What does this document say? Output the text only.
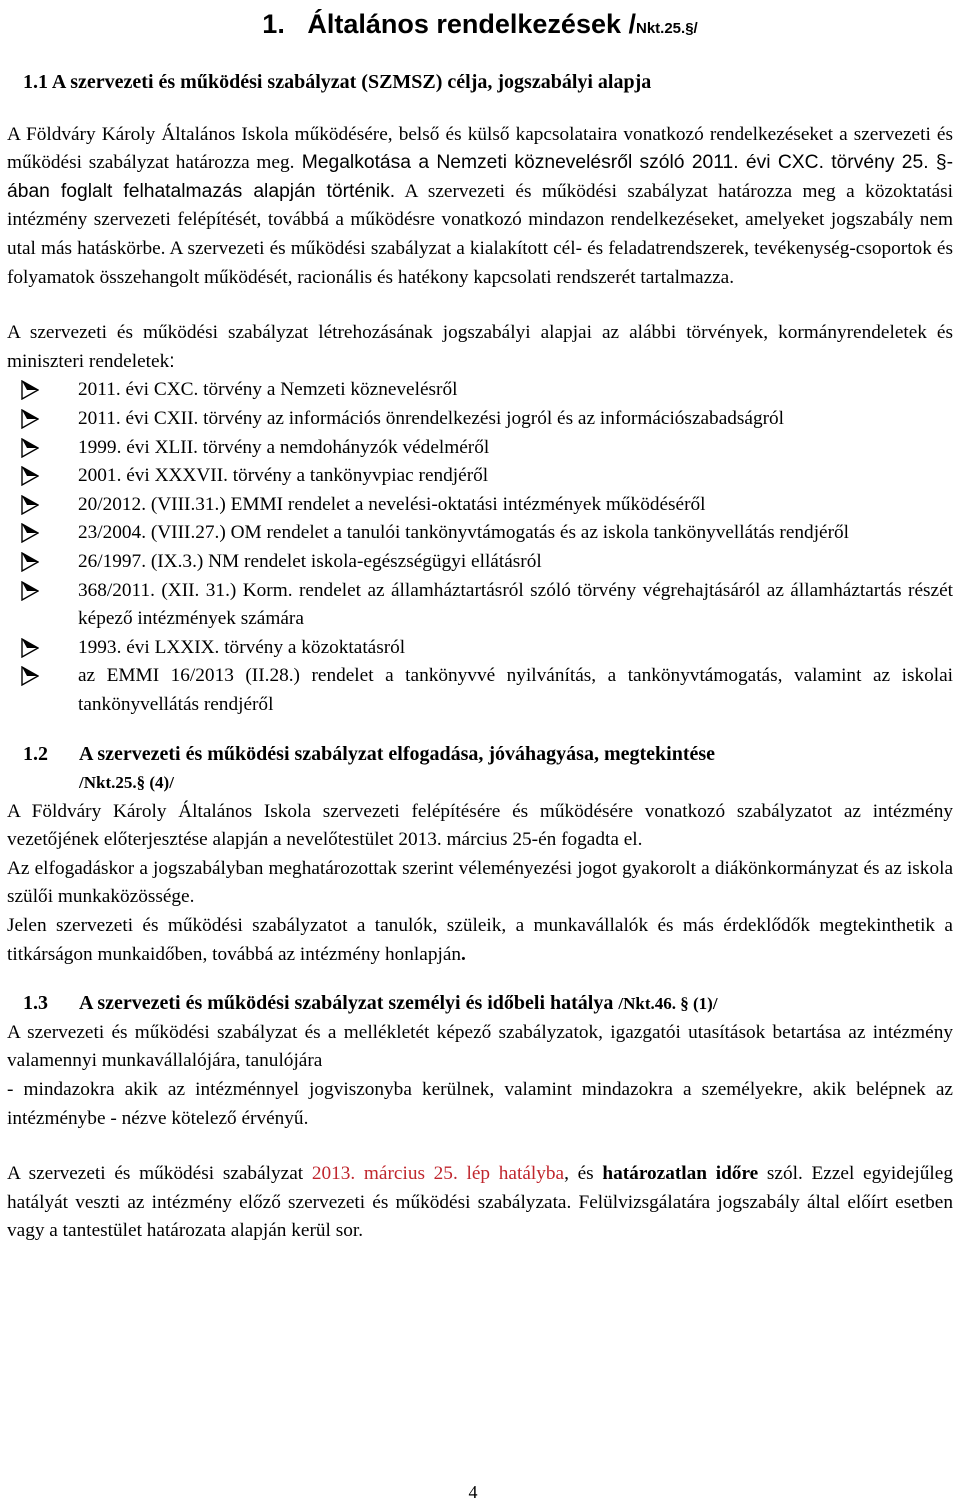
1. Általános rendelkezések /Nkt.25.§/
1.1 A szervezeti és működési szabályzat (SZMSZ) célja, jogszabályi alapja

A Földváry Károly Általános Iskola működésére, belső és külső kapcsolataira vonatkozó rendelkezéseket a szervezeti és működési szabályzat határozza meg. Megalkotása a Nemzeti köznevelésről szóló 2011. évi CXC. törvény 25. §-ában foglalt felhatalmazás alapján történik. A szervezeti és működési szabályzat határozza meg a közoktatási intézmény szervezeti felépítését, továbbá a működésre vonatkozó mindazon rendelkezéseket, amelyeket jogszabály nem utal más hatáskörbe. A szervezeti és működési szabályzat a kialakított cél- és feladatrendszerek, tevékenység-csoportok és folyamatok összehangolt működését, racionális és hatékony kapcsolati rendszerét tartalmazza.

A szervezeti és működési szabályzat létrehozásának jogszabályi alapjai az alábbi törvények, kormányrendeletek és miniszteri rendeletek:

2011. évi CXC. törvény a Nemzeti köznevelésről
2011. évi CXII. törvény az információs önrendelkezési jogról és az információszabadságról
1999. évi XLII. törvény a nemdohányzók védelméről
2001. évi XXXVII. törvény a tankönyvpiac rendjéről
20/2012. (VIII.31.) EMMI rendelet a nevelési-oktatási intézmények működéséről
23/2004. (VIII.27.) OM rendelet a tanulói tankönyvtámogatás és az iskola tankönyvellátás rendjéről
26/1997. (IX.3.) NM rendelet iskola-egészségügyi ellátásról
368/2011. (XII. 31.) Korm. rendelet az államháztartásról szóló törvény végrehajtásáról az államháztartás részét képező intézmények számára
1993. évi LXXIX. törvény a közoktatásról
az EMMI 16/2013 (II.28.) rendelet a tankönyvvé nyilvánítás, a tankönyvtámogatás, valamint az iskolai tankönyvellátás rendjéről
1.2 A szervezeti és működési szabályzat elfogadása, jóváhagyása, megtekintése
/Nkt.25.§ (4)/

A Földváry Károly Általános Iskola szervezeti felépítésére és működésére vonatkozó szabályzatot az intézmény vezetőjének előterjesztése alapján a nevelőtestület 2013. március 25-én fogadta el.

Az elfogadáskor a jogszabályban meghatározottak szerint véleményezési jogot gyakorolt a diákönkormányzat és az iskola szülői munkaközössége.

Jelen szervezeti és működési szabályzatot a tanulók, szüleik, a munkavállalók és más érdeklődők megtekinthetik a titkárságon munkaidőben, továbbá az intézmény honlapján.

1.3 A szervezeti és működési szabályzat személyi és időbeli hatálya /Nkt.46. § (1)/

A szervezeti és működési szabályzat és a mellékletét képező szabályzatok, igazgatói utasítások betartása az intézmény valamennyi munkavállalójára, tanulójára

- mindazokra akik az intézménnyel jogviszonyba kerülnek, valamint mindazokra a személyekre, akik belépnek az intézménybe - nézve kötelező érvényű.

A szervezeti és működési szabályzat 2013. március 25. lép hatályba, és határozatlan időre szól. Ezzel egyidejűleg hatályát veszti az intézmény előző szervezeti és működési szabályzata. Felülvizsgálatára jogszabály által előírt esetben vagy a tantestület határozata alapján kerül sor.

4
